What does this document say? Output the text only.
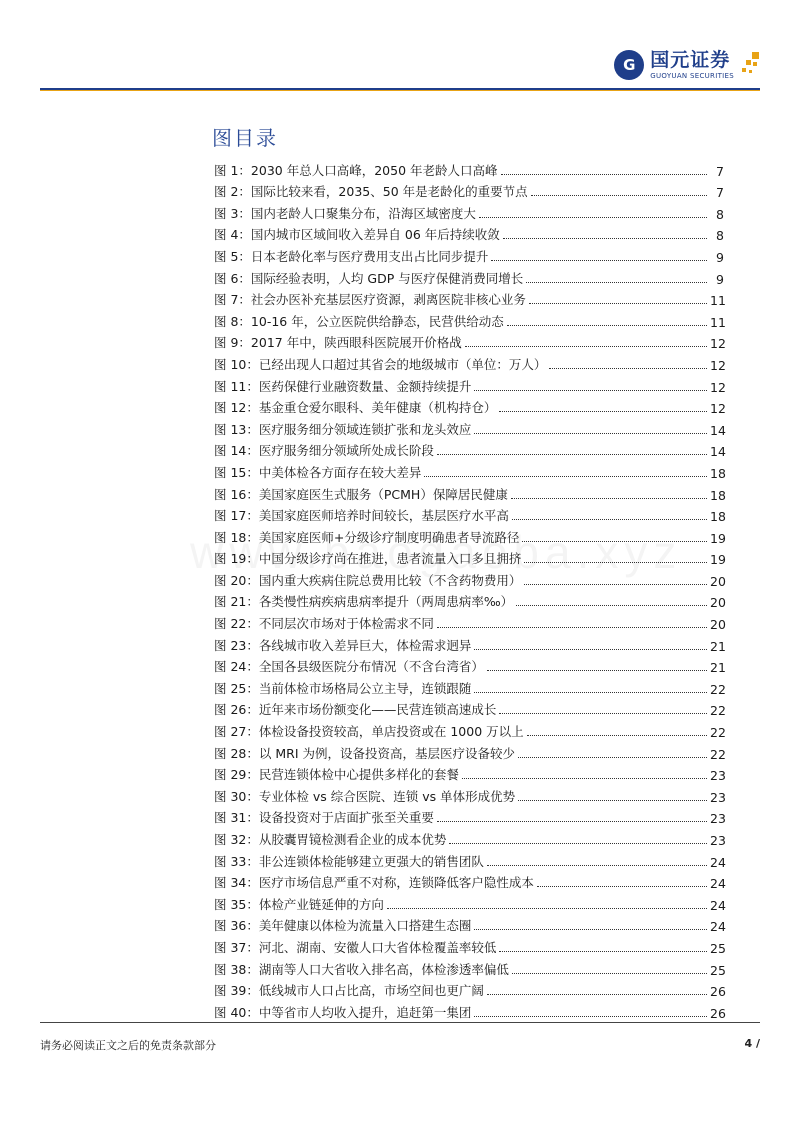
G 国元证券
GUOYUAN SECURITIES
图目录
图 1：2030 年总人口高峰，2050 年老龄人口高峰	7
图 2：国际比较来看，2035、50 年是老龄化的重要节点	7
图 3：国内老龄人口聚集分布，沿海区域密度大	8
图 4：国内城市区域间收入差异自 06 年后持续收敛	8
图 5：日本老龄化率与医疗费用支出占比同步提升	9
图 6：国际经验表明，人均 GDP 与医疗保健消费同增长	9
图 7：社会办医补充基层医疗资源，剥离医院非核心业务	11
图 8：10-16 年，公立医院供给静态，民营供给动态	11
图 9：2017 年中，陕西眼科医院展开价格战	12
图 10：已经出现人口超过其省会的地级城市（单位：万人）	12
图 11：医药保健行业融资数量、金额持续提升	12
图 12：基金重仓爱尔眼科、美年健康（机构持仓）	12
图 13：医疗服务细分领域连锁扩张和龙头效应	14
图 14：医疗服务细分领域所处成长阶段	14
图 15：中美体检各方面存在较大差异	18
图 16：美国家庭医生式服务（PCMH）保障居民健康	18
图 17：美国家庭医师培养时间较长，基层医疗水平高	18
图 18：美国家庭医师+分级诊疗制度明确患者导流路径	19
图 19：中国分级诊疗尚在推进，患者流量入口多且拥挤	19
图 20：国内重大疾病住院总费用比较（不含药物费用）	20
图 21：各类慢性病疾病患病率提升（两周患病率‰）	20
图 22：不同层次市场对于体检需求不同	20
图 23：各线城市收入差异巨大，体检需求迥异	21
图 24：全国各县级医院分布情况（不含台湾省）	21
图 25：当前体检市场格局公立主导，连锁跟随	22
图 26：近年来市场份额变化——民营连锁高速成长	22
图 27：体检设备投资较高，单店投资或在 1000 万以上	22
图 28：以 MRI 为例，设备投资高，基层医疗设备较少	22
图 29：民营连锁体检中心提供多样化的套餐	23
图 30：专业体检 vs 综合医院、连锁 vs 单体形成优势	23
图 31：设备投资对于店面扩张至关重要	23
图 32：从胶囊胃镜检测看企业的成本优势	23
图 33：非公连锁体检能够建立更强大的销售团队	24
图 34：医疗市场信息严重不对称，连锁降低客户隐性成本	24
图 35：体检产业链延伸的方向	24
图 36：美年健康以体检为流量入口搭建生态圈	24
图 37：河北、湖南、安徽人口大省体检覆盖率较低	25
图 38：湖南等人口大省收入排名高，体检渗透率偏低	25
图 39：低线城市人口占比高，市场空间也更广阔	26
图 40：中等省市人均收入提升，追赶第一集团	26
请务必阅读正文之后的免责条款部分	4 /
